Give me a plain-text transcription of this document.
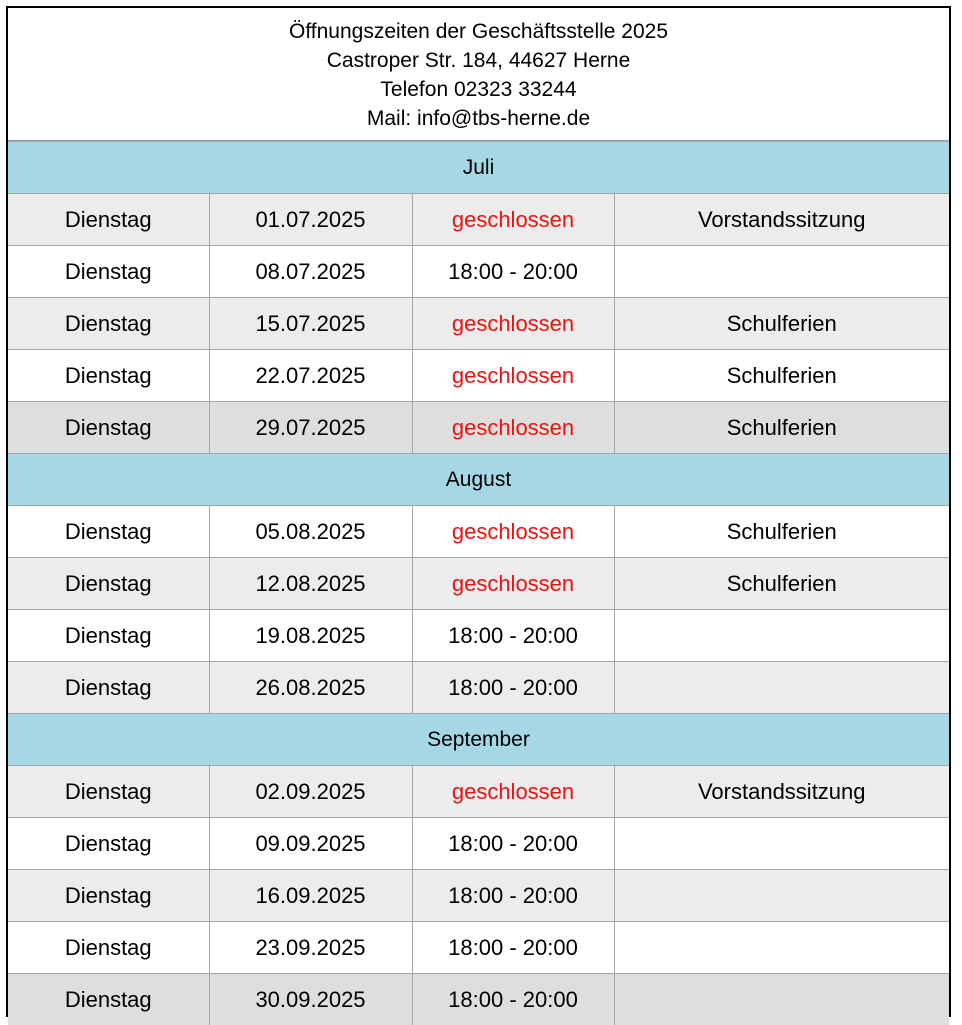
Öffnungszeiten der Geschäftsstelle 2025
Castroper Str. 184, 44627 Herne
Telefon 02323 33244
Mail: info@tbs-herne.de
Juli			
Dienstag	01.07.2025	geschlossen	Vorstandssitzung
Dienstag	08.07.2025	18:00 - 20:00	
Dienstag	15.07.2025	geschlossen	Schulferien
Dienstag	22.07.2025	geschlossen	Schulferien
Dienstag	29.07.2025	geschlossen	Schulferien
August			
Dienstag	05.08.2025	geschlossen	Schulferien
Dienstag	12.08.2025	geschlossen	Schulferien
Dienstag	19.08.2025	18:00 - 20:00	
Dienstag	26.08.2025	18:00 - 20:00	
September			
Dienstag	02.09.2025	geschlossen	Vorstandssitzung
Dienstag	09.09.2025	18:00 - 20:00	
Dienstag	16.09.2025	18:00 - 20:00	
Dienstag	23.09.2025	18:00 - 20:00	
Dienstag	30.09.2025	18:00 - 20:00	
